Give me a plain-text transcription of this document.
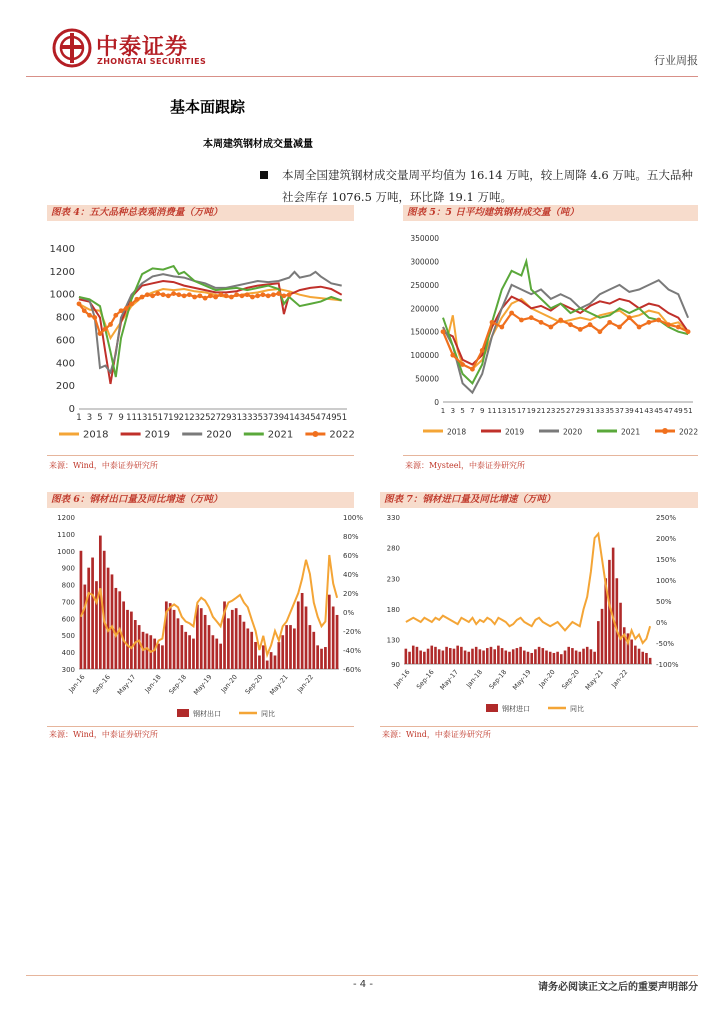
中泰证券
ZHONGTAI SECURITIES	行业周报
基本面跟踪
本周建筑钢材成交量减量
本周全国建筑钢材成交量周平均值为 16.14 万吨，较上周降 4.6 万吨。五大品种社会库存 1076.5 万吨，环比降 19.1 万吨。
图表 4：五大品种总表观消费量（万吨）
0
200
400
600
800
1000
1200
1400
1 3 5 7 9 11 13 15 17 19 21 23 25 27 29 31 33 35 37 39 41 43 45 47 49 51
2018	2019	2020	2021	2022
来源：Wind，中泰证券研究所
图表 5：5 日平均建筑钢材成交量（吨）
0
50000
100000
150000
200000
250000
300000
350000
1 3 5 7 9 11 13 15 17 19 21 23 25 27 29 31 33 35 37 39 41 43 45 47 49 51
2018	2019	2020	2021	2022
来源：Mysteel，中泰证券研究所
图表 6：钢材出口量及同比增速（万吨）
300
400
500
600
700
800
900
1000
1100
1200
-60%
-40%
-20%
0%
20%
40%
60%
80%
100%
Jan-16 Sep-16 May-17 Jan-18 Sep-18 May-19 Jan-20 Sep-20 May-21 Jan-22
钢材出口	同比
来源：Wind，中泰证券研究所
图表 7：钢材进口量及同比增速（万吨）
90
130
180
230
280
330
-100%
-50%
0%
50%
100%
150%
200%
250%
Jan-16 Sep-16 May-17 Jan-18 Sep-18 May-19 Jan-20 Sep-20 May-21 Jan-22
钢材进口	同比
来源：Wind，中泰证券研究所
- 4 -	请务必阅读正文之后的重要声明部分
